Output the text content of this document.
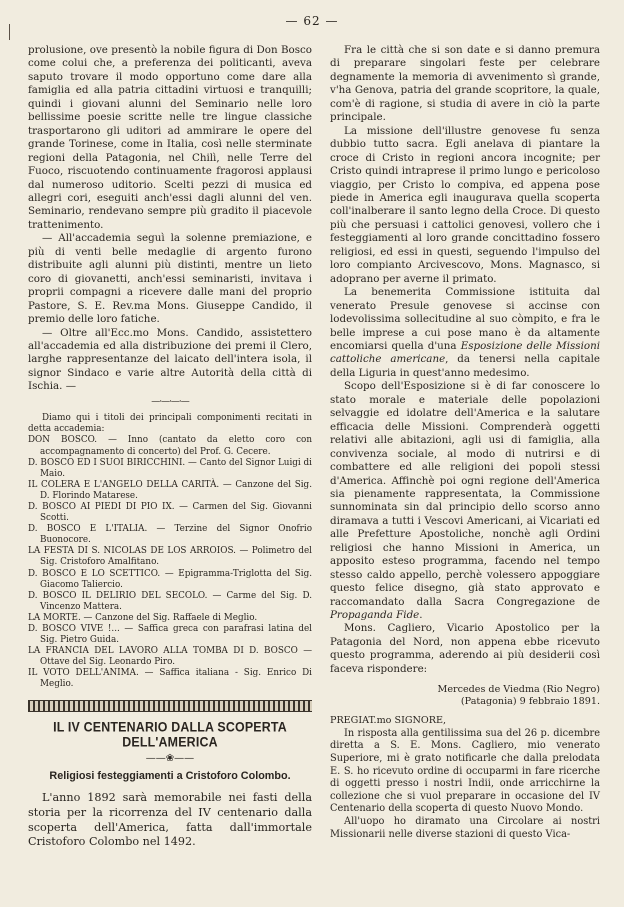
— 62 —

prolusione, ove presentò la nobile figura di Don Bosco come colui che, a preferenza dei politicanti, aveva saputo trovare il modo opportuno come dare alla famiglia ed alla patria cittadini virtuosi e tranquilli; quindi i giovani alunni del Seminario nelle loro bellissime poesie scritte nelle tre lingue classiche trasportarono gli uditori ad ammirare le opere del grande Torinese, come in Italia, così nelle sterminate regioni della Patagonia, nel Chilì, nelle Terre del Fuoco, riscuotendo continuamente fragorosi applausi dal numeroso uditorio. Scelti pezzi di musica ed allegri cori, eseguiti anch'essi dagli alunni del ven. Seminario, rendevano sempre più gradito il piacevole trattenimento.

— All'accademia seguì la solenne premiazione, e più di venti belle medaglie di argento furono distribuite agli alunni più distinti, mentre un lieto coro di giovanetti, anch'essi seminaristi, invitava i proprii compagni a ricevere dalle mani del proprio Pastore, S. E. Rev.ma Mons. Giuseppe Candido, il premio delle loro fatiche.

— Oltre all'Ecc.mo Mons. Candido, assistettero all'accademia ed alla distribuzione dei premi il Clero, larghe rappresentanze del laicato dell'intera isola, il signor Sindaco e varie altre Autorità della città di Ischia. —

—·—·—·—

Diamo qui i titoli dei principali componimenti recitati in detta accademia:

DON BOSCO. — Inno (cantato da eletto coro con accompagnamento di concerto) del Prof. G. Cecere.

D. BOSCO ED I SUOI BIRICCHINI. — Canto del Signor Luigi di Maio.

IL COLERA E L'ANGELO DELLA CARITÀ. — Canzone del Sig. D. Florindo Matarese.

D. BOSCO AI PIEDI DI PIO IX. — Carmen del Sig. Giovanni Scotti.

D. BOSCO E L'ITALIA. — Terzine del Signor Onofrio Buonocore.

LA FESTA DI S. NICOLAS DE LOS ARROIOS. — Polimetro del Sig. Cristoforo Amalfitano.

D. BOSCO E LO SCETTICO. — Epigramma-Triglotta del Sig. Giacomo Taliercio.

D. BOSCO IL DELIRIO DEL SECOLO. — Carme del Sig. D. Vincenzo Mattera.

LA MORTE. — Canzone del Sig. Raffaele di Meglio.

D. BOSCO VIVE !... — Saffica greca con parafrasi latina del Sig. Pietro Guida.

LA FRANCIA DEL LAVORO ALLA TOMBA DI D. BOSCO — Ottave del Sig. Leonardo Piro.

IL VOTO DELL'ANIMA. — Saffica italiana - Sig. Enrico Di Meglio.

IL IV CENTENARIO DALLA SCOPERTA DELL'AMERICA
——❀——
Religiosi festeggiamenti a Cristoforo Colombo.

L'anno 1892 sarà memorabile nei fasti della storia per la ricorrenza del IV centenario dalla scoperta dell'America, fatta dall'immortale Cristoforo Colombo nel 1492.

Fra le città che si son date e si danno premura di preparare singolari feste per celebrare degnamente la memoria di avvenimento sì grande, v'ha Genova, patria del grande scopritore, la quale, com'è di ragione, si studia di avere in ciò la parte principale.

La missione dell'illustre genovese fu senza dubbio tutto sacra. Egli anelava di piantare la croce di Cristo in regioni ancora incognite; per Cristo quindi intraprese il primo lungo e pericoloso viaggio, per Cristo lo compiva, ed appena pose piede in America egli inaugurava quella scoperta coll'inalberare il santo legno della Croce. Di questo più che persuasi i cattolici genovesi, vollero che i festeggiamenti al loro grande concittadino fossero religiosi, ed essi in questi, seguendo l'impulso del loro compianto Arcivescovo, Mons. Magnasco, si adoprano per averne il primato.

La benemerita Commissione istituita dal venerato Presule genovese si accinse con lodevolissima sollecitudine al suo còmpito, e fra le belle imprese a cui pose mano è da altamente encomiarsi quella d'una Esposizione delle Missioni cattoliche americane, da tenersi nella capitale della Liguria in quest'anno medesimo.

Scopo dell'Esposizione si è di far conoscere lo stato morale e materiale delle popolazioni selvaggie ed idolatre dell'America e la salutare efficacia delle Missioni. Comprenderà oggetti relativi alle abitazioni, agli usi di famiglia, alla convivenza sociale, al modo di nutrirsi e di combattere ed alle religioni dei popoli stessi d'America. Affinchè poi ogni regione dell'America sia pienamente rappresentata, la Commissione sunnominata sin dal principio dello scorso anno diramava a tutti i Vescovi Americani, ai Vicariati ed alle Prefetture Apostoliche, nonchè agli Ordini religiosi che hanno Missioni in America, un apposito esteso programma, facendo nel tempo stesso caldo appello, perchè volessero appoggiare questo felice disegno, già stato approvato e raccomandato dalla Sacra Congregazione de Propaganda Fide.

Mons. Cagliero, Vicario Apostolico per la Patagonia del Nord, non appena ebbe ricevuto questo programma, aderendo ai più desiderii così faceva rispondere:

Mercedes de Viedma (Rio Negro)
(Patagonia) 9 febbraio 1891.

PREGIAT.mo SIGNORE,

In risposta alla gentilissima sua del 26 p. dicembre diretta a S. E. Mons. Cagliero, mio venerato Superiore, mi è grato notificarle che dalla prelodata E. S. ho ricevuto ordine di occuparmi in fare ricerche di oggetti presso i nostri Indii, onde arricchirne la collezione che si vuol preparare in occasione del IV Centenario della scoperta di questo Nuovo Mondo.

All'uopo ho diramato una Circolare ai nostri Missionarii nelle diverse stazioni di questo Vica-
